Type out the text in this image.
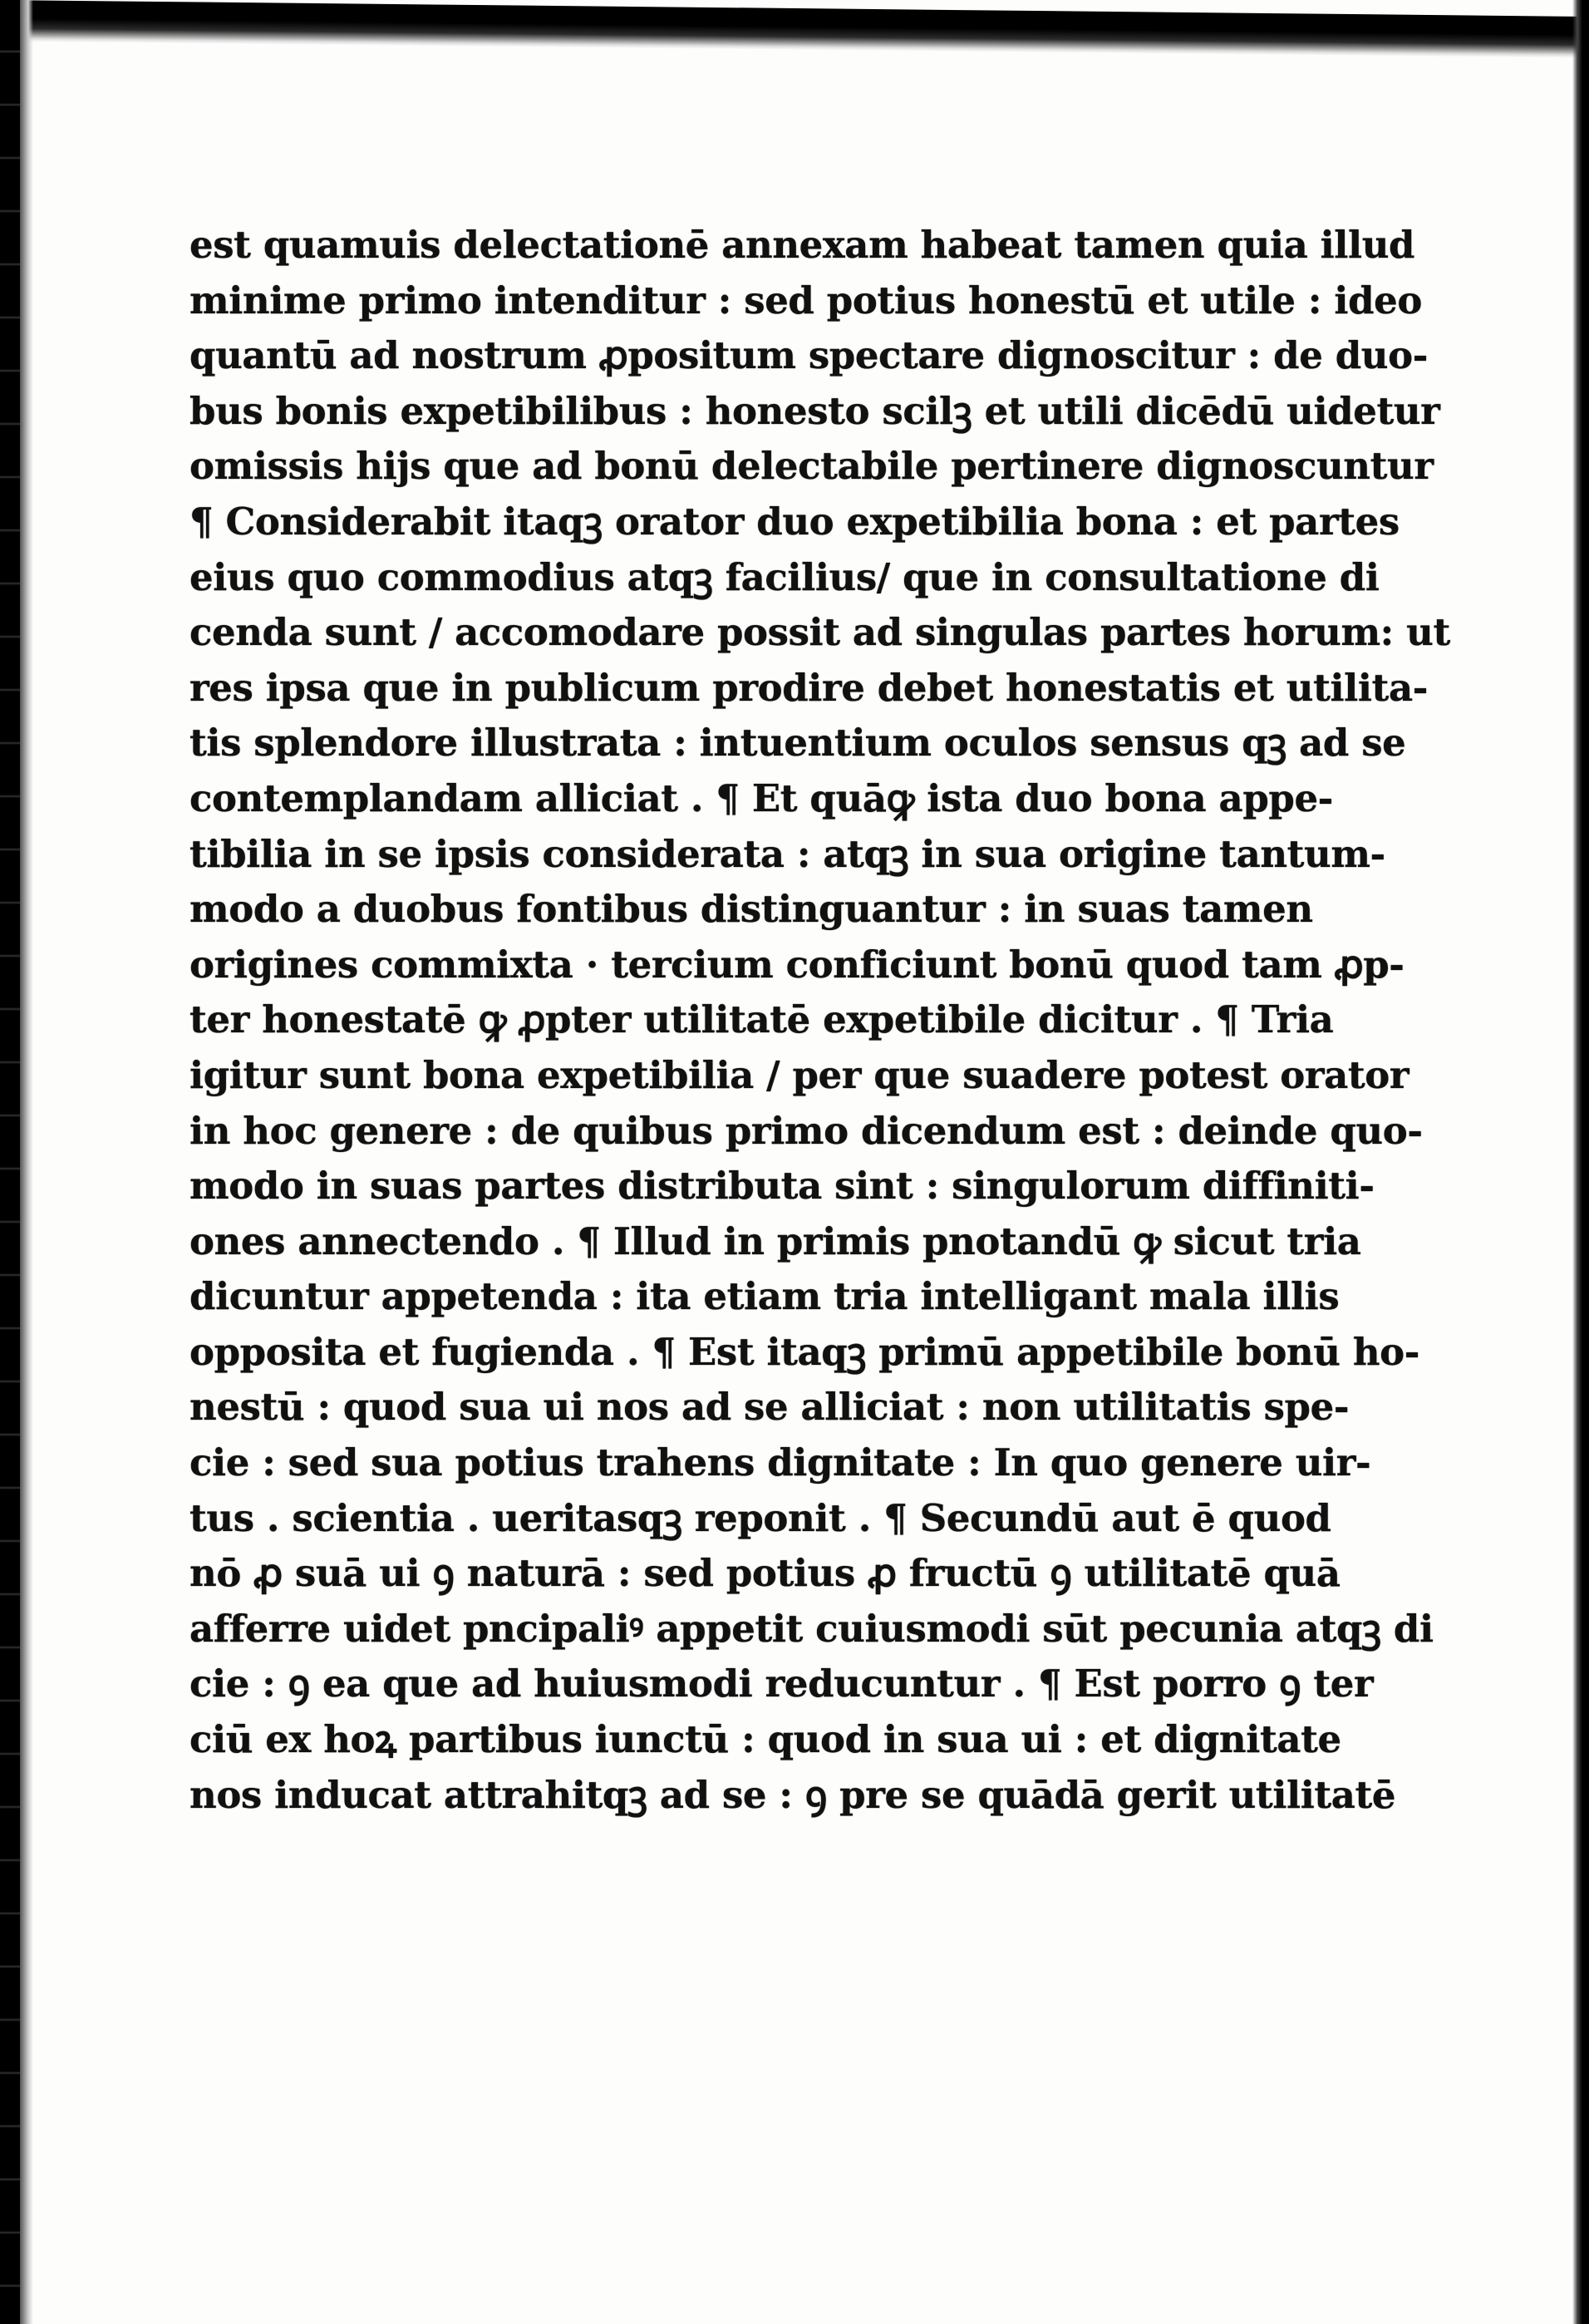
est quamuis delectationē annexam habeat tamen quia illud
minime primo intenditur : sed potius honestū et utile : ideo
quantū ad nostrum ꝓpositum spectare dignoscitur : de duo-
bus bonis expetibilibus : honesto scilꝫ et utili dicēdū uidetur
omissis hijs que ad bonū delectabile pertinere dignoscuntur
¶ Considerabit itaqꝫ orator duo expetibilia bona : et partes
eius quo commodius atqꝫ facilius/ que in consultatione di
cenda sunt / accomodare possit ad singulas partes horum: ut
res ipsa que in publicum prodire debet honestatis et utilita-
tis splendore illustrata : intuentium oculos sensus qꝫ ad se
contemplandam alliciat . ¶ Et quāꝙ ista duo bona appe-
tibilia in se ipsis considerata : atqꝫ in sua origine tantum-
modo a duobus fontibus distinguantur : in suas tamen
origines commixta · tercium conficiunt bonū quod tam ꝓp-
ter honestatē ꝙ ꝓpter utilitatē expetibile dicitur . ¶ Tria
igitur sunt bona expetibilia / per que suadere potest orator
in hoc genere : de quibus primo dicendum est : deinde quo-
modo in suas partes distributa sint : singulorum diffiniti-
ones annectendo . ¶ Illud in primis pnotandū ꝙ sicut tria
dicuntur appetenda : ita etiam tria intelligant mala illis
opposita et fugienda . ¶ Est itaqꝫ primū appetibile bonū ho-
nestū : quod sua ui nos ad se alliciat : non utilitatis spe-
cie : sed sua potius trahens dignitate : In quo genere uir-
tus . scientia . ueritasqꝫ reponit . ¶ Secundū aut ē quod
nō ꝓ suā ui ꝯ naturā : sed potius ꝓ fructū ꝯ utilitatē quā
afferre uidet pncipaliꝰ appetit cuiusmodi sūt pecunia atqꝫ di
cie : ꝯ ea que ad huiusmodi reducuntur . ¶ Est porro ꝯ ter
ciū ex hoꝝ partibus iunctū : quod in sua ui : et dignitate
nos inducat attrahitqꝫ ad se : ꝯ pre se quādā gerit utilitatē
